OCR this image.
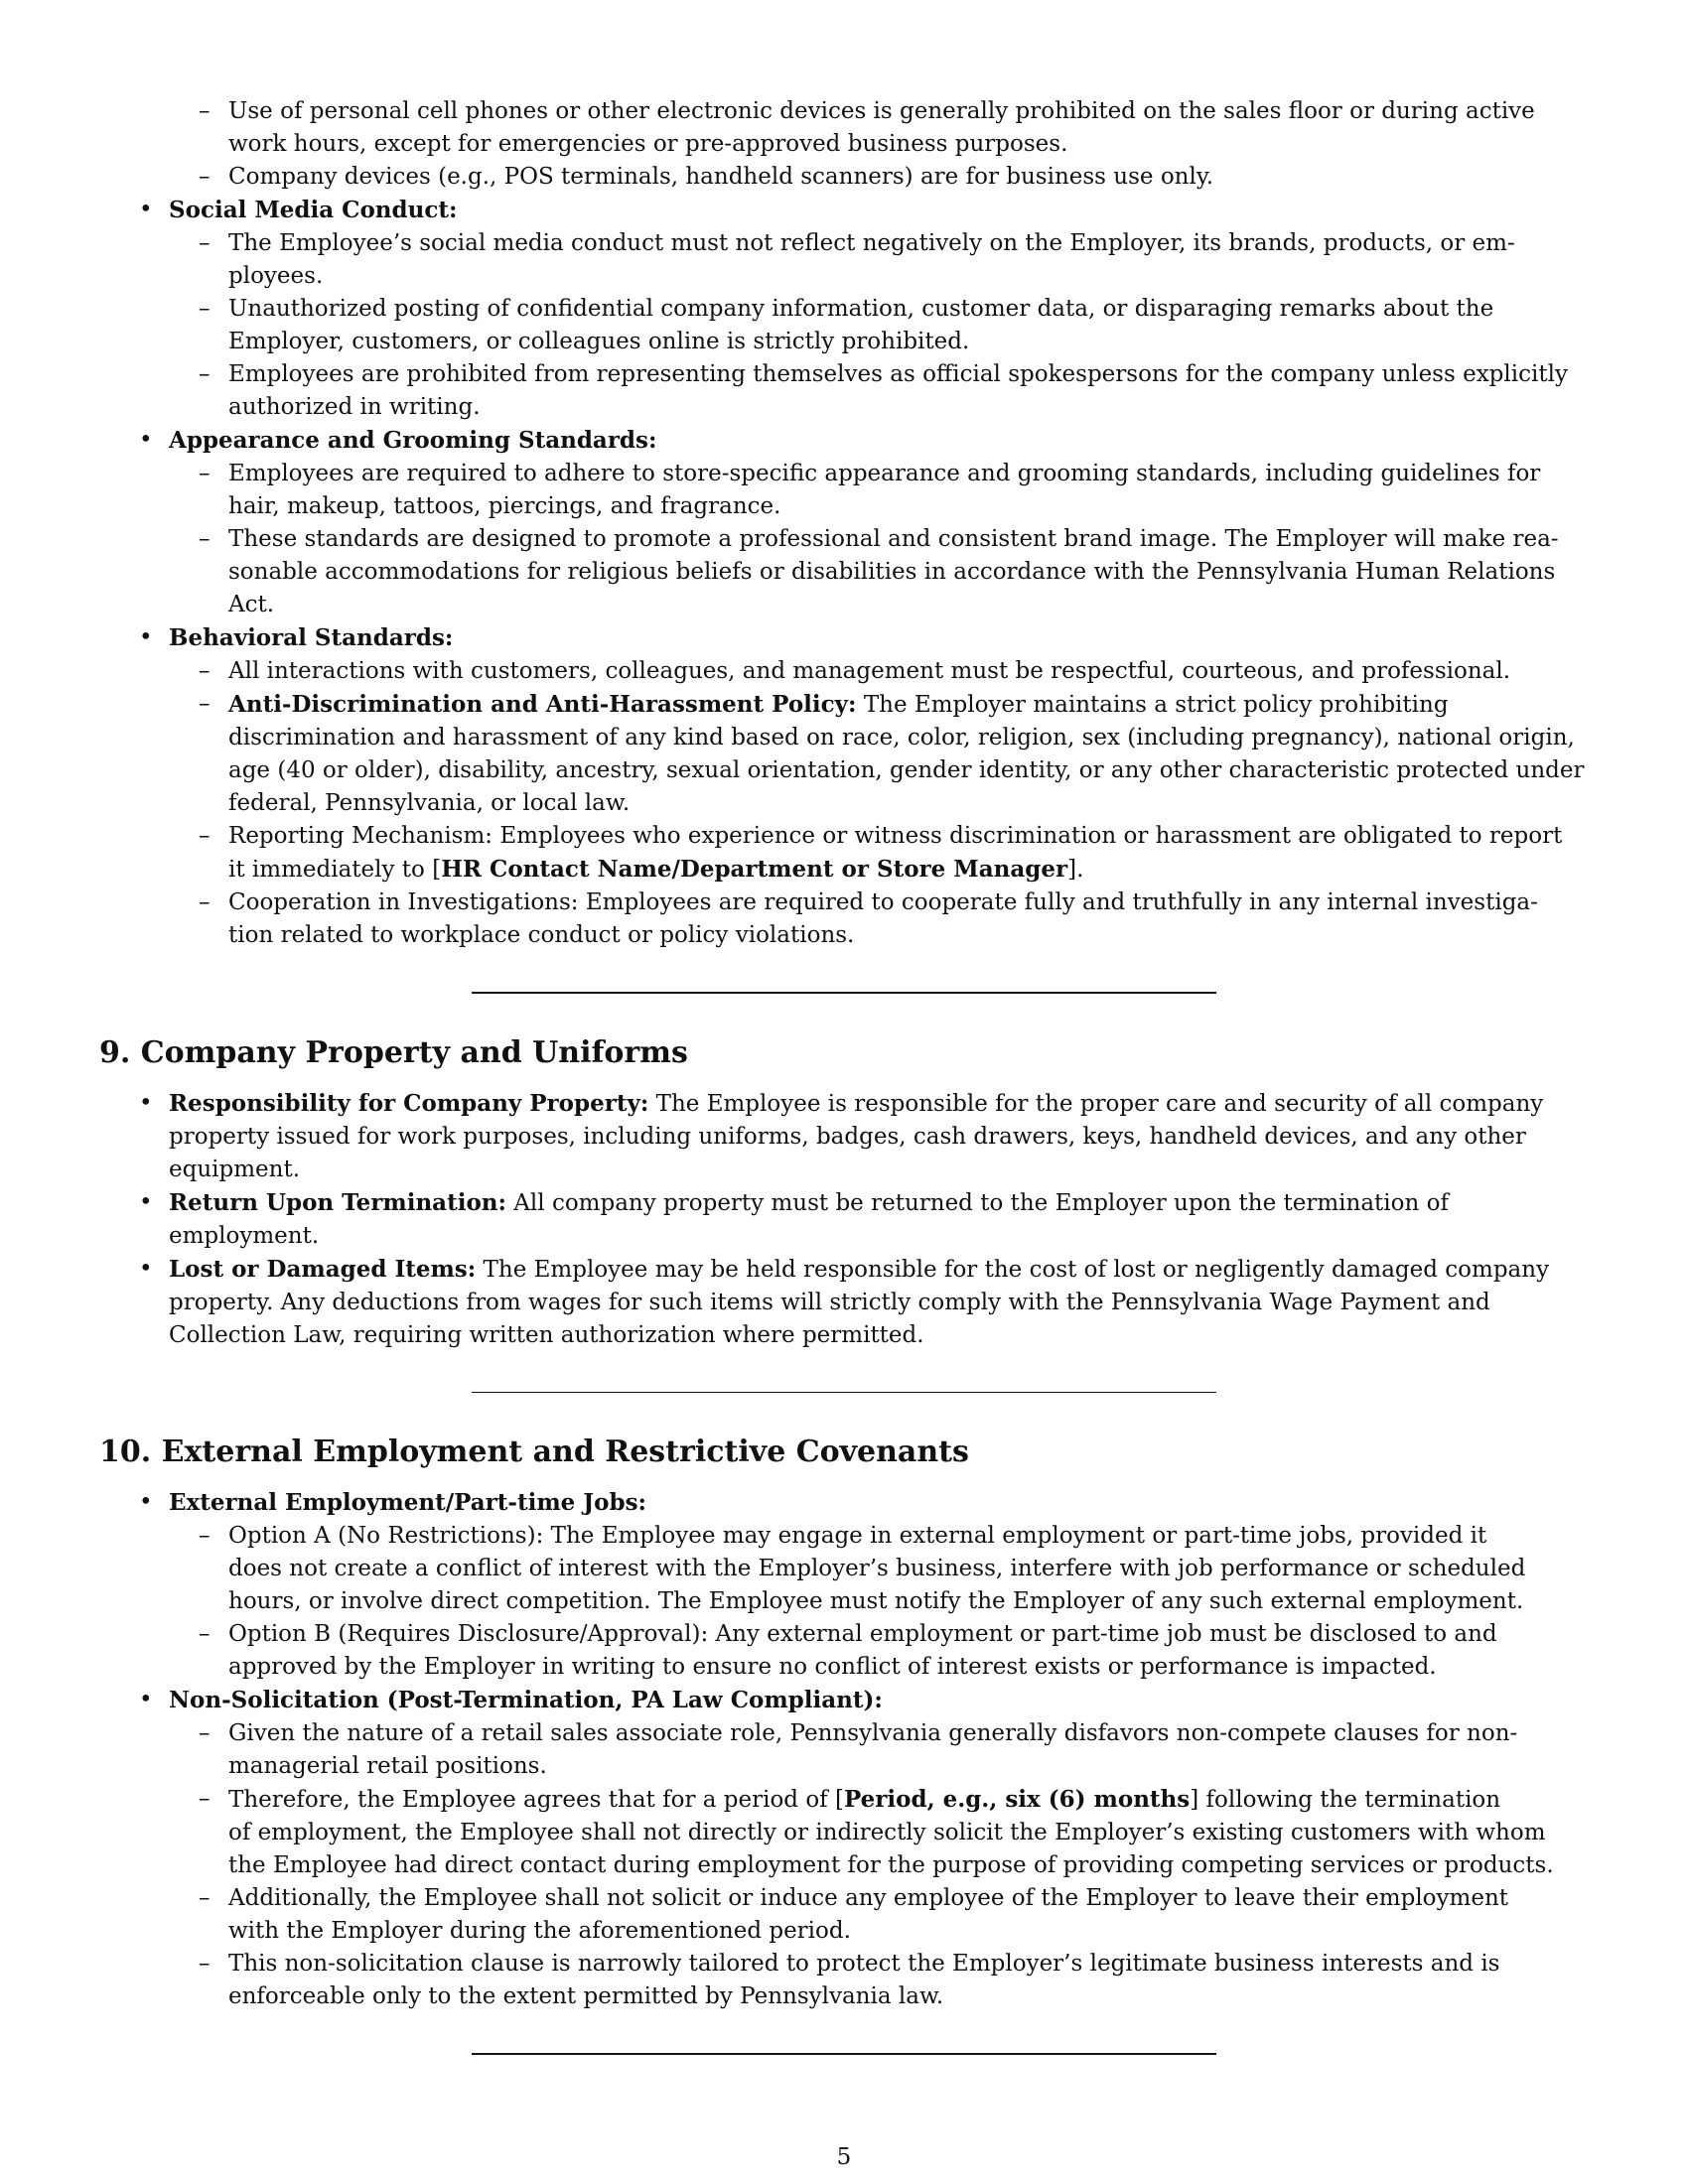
– Use of personal cell phones or other electronic devices is generally prohibited on the sales floor or during active

work hours, except for emergencies or pre-approved business purposes.

– Company devices (e.g., POS terminals, handheld scanners) are for business use only.

• Social Media Conduct:

– The Employee’s social media conduct must not reflect negatively on the Employer, its brands, products, or em-

ployees.

– Unauthorized posting of confidential company information, customer data, or disparaging remarks about the

Employer, customers, or colleagues online is strictly prohibited.

– Employees are prohibited from representing themselves as official spokespersons for the company unless explicitly

authorized in writing.

• Appearance and Grooming Standards:

– Employees are required to adhere to store-specific appearance and grooming standards, including guidelines for

hair, makeup, tattoos, piercings, and fragrance.

– These standards are designed to promote a professional and consistent brand image. The Employer will make rea-

sonable accommodations for religious beliefs or disabilities in accordance with the Pennsylvania Human Relations

Act.

• Behavioral Standards:

– All interactions with customers, colleagues, and management must be respectful, courteous, and professional.

– Anti-Discrimination and Anti-Harassment Policy: The Employer maintains a strict policy prohibiting

discrimination and harassment of any kind based on race, color, religion, sex (including pregnancy), national origin,

age (40 or older), disability, ancestry, sexual orientation, gender identity, or any other characteristic protected under

federal, Pennsylvania, or local law.

– Reporting Mechanism: Employees who experience or witness discrimination or harassment are obligated to report

it immediately to [HR Contact Name/Department or Store Manager].

– Cooperation in Investigations: Employees are required to cooperate fully and truthfully in any internal investiga-

tion related to workplace conduct or policy violations.

9. Company Property and Uniforms

• Responsibility for Company Property: The Employee is responsible for the proper care and security of all company

property issued for work purposes, including uniforms, badges, cash drawers, keys, handheld devices, and any other

equipment.

• Return Upon Termination: All company property must be returned to the Employer upon the termination of

employment.

• Lost or Damaged Items: The Employee may be held responsible for the cost of lost or negligently damaged company

property. Any deductions from wages for such items will strictly comply with the Pennsylvania Wage Payment and

Collection Law, requiring written authorization where permitted.

10. External Employment and Restrictive Covenants

• External Employment/Part-time Jobs:

– Option A (No Restrictions): The Employee may engage in external employment or part-time jobs, provided it

does not create a conflict of interest with the Employer’s business, interfere with job performance or scheduled

hours, or involve direct competition. The Employee must notify the Employer of any such external employment.

– Option B (Requires Disclosure/Approval): Any external employment or part-time job must be disclosed to and

approved by the Employer in writing to ensure no conflict of interest exists or performance is impacted.

• Non-Solicitation (Post-Termination, PA Law Compliant):

– Given the nature of a retail sales associate role, Pennsylvania generally disfavors non-compete clauses for non-

managerial retail positions.

– Therefore, the Employee agrees that for a period of [Period, e.g., six (6) months] following the termination

of employment, the Employee shall not directly or indirectly solicit the Employer’s existing customers with whom

the Employee had direct contact during employment for the purpose of providing competing services or products.

– Additionally, the Employee shall not solicit or induce any employee of the Employer to leave their employment

with the Employer during the aforementioned period.

– This non-solicitation clause is narrowly tailored to protect the Employer’s legitimate business interests and is

enforceable only to the extent permitted by Pennsylvania law.

5
